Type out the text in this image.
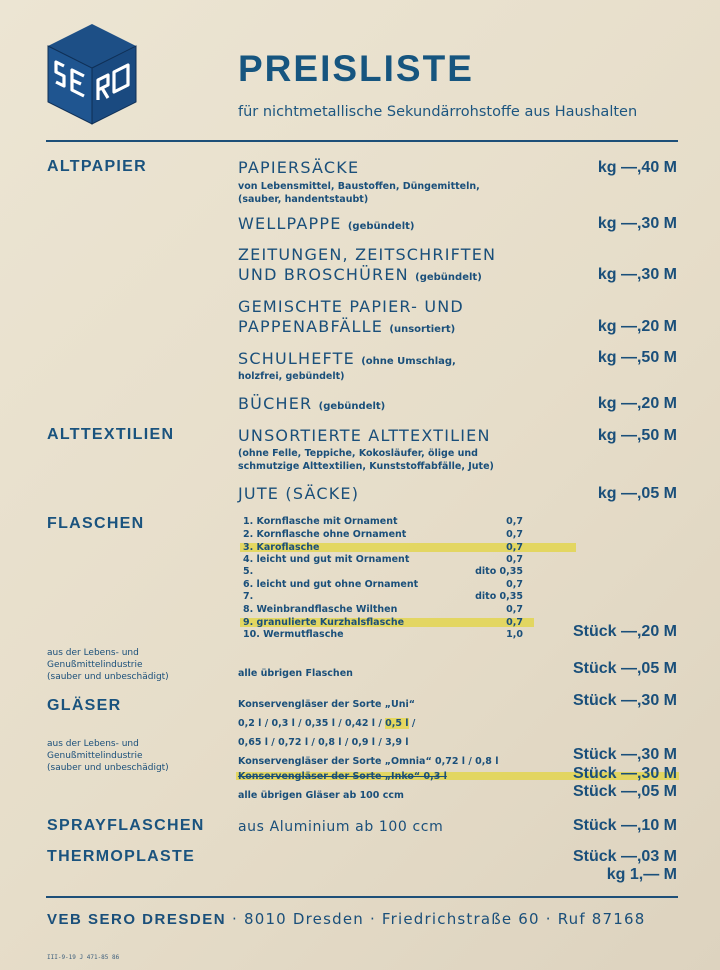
PREISLISTE
für nichtmetallische Sekundärrohstoffe aus Haushalten
ALTPAPIER	PAPIERSÄCKE
von Lebensmittel, Baustoffen, Düngemitteln,
(sauber, handentstaubt)
kg —,40 M
WELLPAPPE (gebündelt)	kg —,30 M
ZEITUNGEN, ZEITSCHRIFTEN
UND BROSCHÜREN (gebündelt)	kg —,30 M
GEMISCHTE PAPIER- UND
PAPPENABFÄLLE (unsortiert)	kg —,20 M
SCHULHEFTE (ohne Umschlag,
holzfrei, gebündelt)
kg —,50 M
BÜCHER (gebündelt)	kg —,20 M
ALTTEXTILIEN	UNSORTIERTE ALTTEXTILIEN
(ohne Felle, Teppiche, Kokosläufer, ölige und
schmutzige Alttextilien, Kunststoffabfälle, Jute)
kg —,50 M
JUTE (SÄCKE)	kg —,05 M
FLASCHEN	1. Kornflasche mit Ornament	0,7
2. Kornflasche ohne Ornament	0,7
3. Karoflasche	0,7
4. leicht und gut mit Ornament	0,7
5.	dito 0,35
6. leicht und gut ohne Ornament	0,7
7.	dito 0,35
8. Weinbrandflasche Wilthen	0,7
9. granulierte Kurzhalsflasche	0,7
10. Wermutflasche	1,0	Stück —,20 M
aus der Lebens- und
Genußmittelindustrie
(sauber und unbeschädigt)	alle übrigen Flaschen	Stück —,05 M
GLÄSER	Konservengläser der Sorte „Uni“	Stück —,30 M
0,2 l / 0,3 l / 0,35 l / 0,42 l / 0,5 l /
0,65 l / 0,72 l / 0,8 l / 0,9 l / 3,9 l
aus der Lebens- und
Genußmittelindustrie
(sauber und unbeschädigt)
Konservengläser der Sorte „Omnia“ 0,72 l / 0,8 l	Stück —,30 M
Konservengläser der Sorte „Inko“ 0,3 l	Stück —,30 M
alle übrigen Gläser ab 100 ccm	Stück —,05 M
SPRAYFLASCHEN aus Aluminium ab 100 ccm	Stück —,10 M
THERMOPLASTE	Stück —,03 M
kg 1,— M
VEB SERO DRESDEN · 8010 Dresden · Friedrichstraße 60 · Ruf 87168
III-9-19 J 471-85 86
